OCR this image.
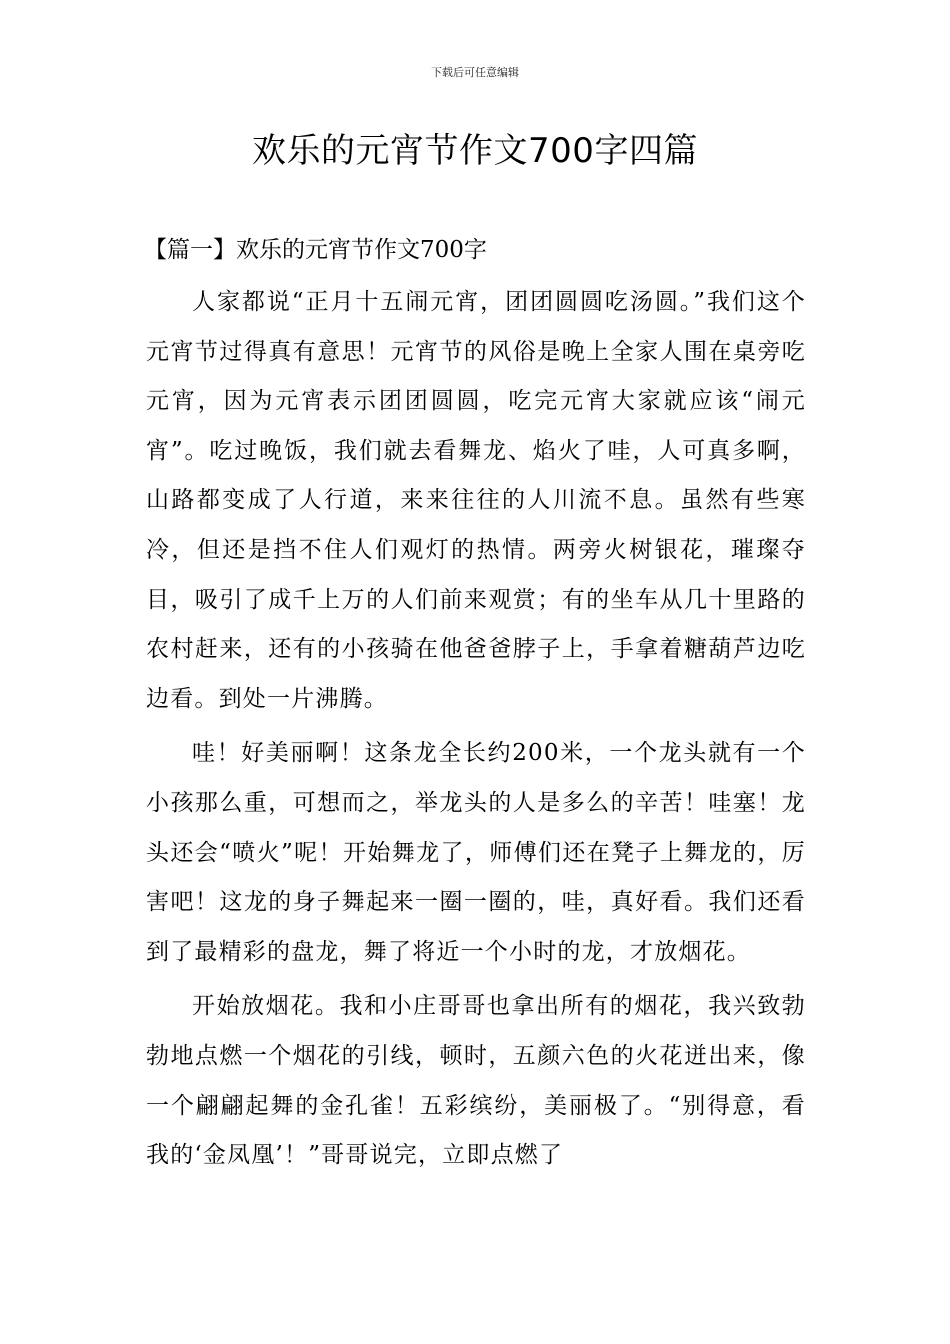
下载后可任意编辑
欢乐的元宵节作文700字四篇
【篇一】欢乐的元宵节作文700字

人家都说“正月十五闹元宵，团团圆圆吃汤圆。”我们这个元宵节过得真有意思！元宵节的风俗是晚上全家人围在桌旁吃元宵，因为元宵表示团团圆圆，吃完元宵大家就应该“闹元宵”。吃过晚饭，我们就去看舞龙、焰火了哇，人可真多啊，山路都变成了人行道，来来往往的人川流不息。虽然有些寒冷，但还是挡不住人们观灯的热情。两旁火树银花，璀璨夺目，吸引了成千上万的人们前来观赏；有的坐车从几十里路的农村赶来，还有的小孩骑在他爸爸脖子上，手拿着糖葫芦边吃边看。到处一片沸腾。

哇！好美丽啊！这条龙全长约200米，一个龙头就有一个小孩那么重，可想而之，举龙头的人是多么的辛苦！哇塞！龙头还会“喷火”呢！开始舞龙了，师傅们还在凳子上舞龙的，厉害吧！这龙的身子舞起来一圈一圈的，哇，真好看。我们还看到了最精彩的盘龙，舞了将近一个小时的龙，才放烟花。

开始放烟花。我和小庄哥哥也拿出所有的烟花，我兴致勃勃地点燃一个烟花的引线，顿时，五颜六色的火花迸出来，像一个翩翩起舞的金孔雀！五彩缤纷，美丽极了。“别得意，看我的‘金凤凰’！”哥哥说完，立即点燃了
